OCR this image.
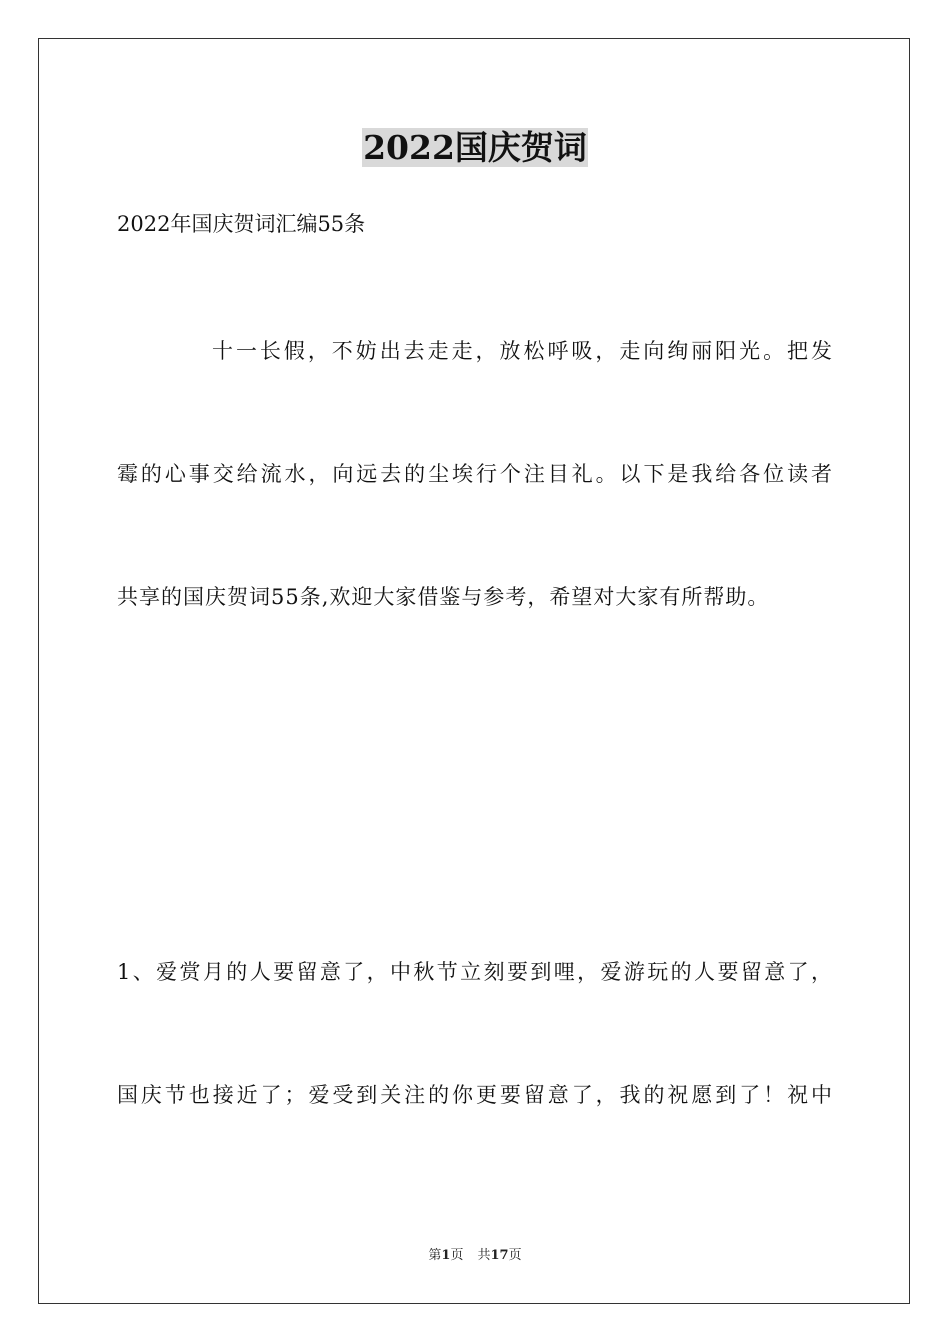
2022国庆贺词
2022年国庆贺词汇编55条
十一长假，不妨出去走走，放松呼吸，走向绚丽阳光。把发
霉的心事交给流水，向远去的尘埃行个注目礼。以下是我给各位读者
共享的国庆贺词55条,欢迎大家借鉴与参考，希望对大家有所帮助。
1、爱赏月的人要留意了，中秋节立刻要到哩，爱游玩的人要留意了，
国庆节也接近了；爱受到关注的你更要留意了，我的祝愿到了！祝中
第1页 共17页
